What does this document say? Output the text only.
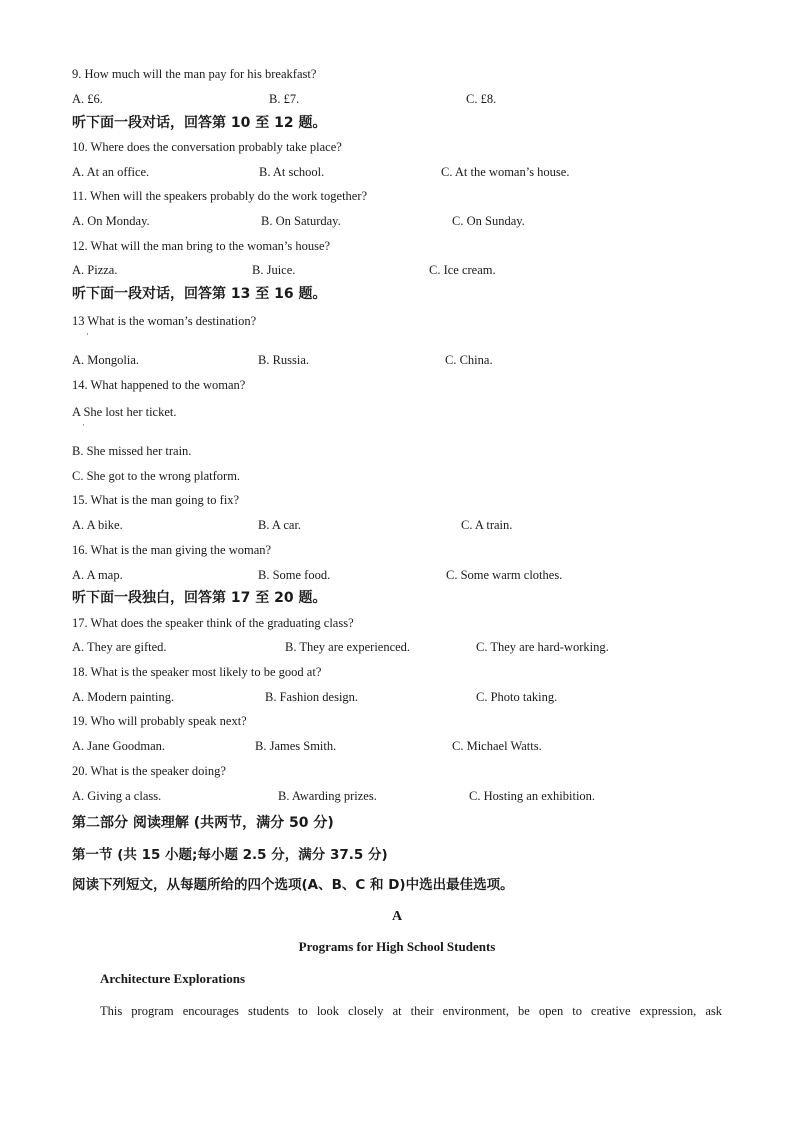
9. How much will the man pay for his breakfast?
A. £6.	B. £7.	C. £8.
听下面一段对话，回答第 10 至 12 题。
10. Where does the conversation probably take place?
A. At an office.	B. At school.	C. At the woman’s house.
11. When will the speakers probably do the work together?
A. On Monday.	B. On Saturday.	C. On Sunday.
12. What will the man bring to the woman’s house?
A. Pizza.	B. Juice.	C. Ice cream.
听下面一段对话，回答第 13 至 16 题。
13 What is the woman’s destination?
·
A. Mongolia.	B. Russia.	C. China.
14. What happened to the woman?
A She lost her ticket.
·
B. She missed her train.
C. She got to the wrong platform.
15. What is the man going to fix?
A. A bike.	B. A car.	C. A train.
16. What is the man giving the woman?
A. A map.	B. Some food.	C. Some warm clothes.
听下面一段独白，回答第 17 至 20 题。
17. What does the speaker think of the graduating class?
A. They are gifted.	B. They are experienced.	C. They are hard-working.
18. What is the speaker most likely to be good at?
A. Modern painting.	B. Fashion design.	C. Photo taking.
19. Who will probably speak next?
A. Jane Goodman.	B. James Smith.	C. Michael Watts.
20. What is the speaker doing?
A. Giving a class.	B. Awarding prizes.	C. Hosting an exhibition.
第二部分 阅读理解 (共两节，满分 50 分)
第一节 (共 15 小题;每小题 2.5 分，满分 37.5 分)
阅读下列短文，从每题所给的四个选项(A、B、C 和 D)中选出最佳选项。
A
Programs for High School Students
Architecture Explorations
This program encourages students to look closely at their environment, be open to creative expression, ask
